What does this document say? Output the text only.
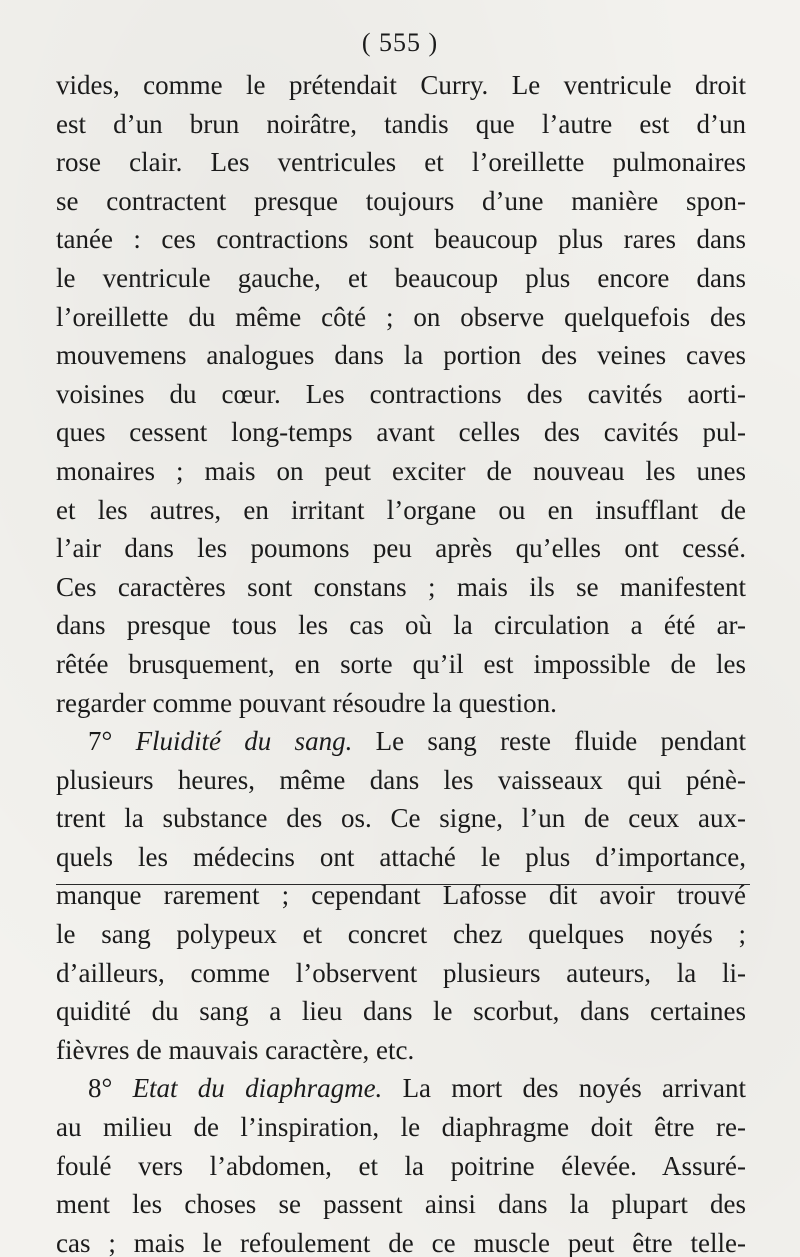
( 555 )
vides, comme le prétendait Curry. Le ventricule droit
est d’un brun noirâtre, tandis que l’autre est d’un
rose clair. Les ventricules et l’oreillette pulmonaires
se contractent presque toujours d’une manière spon-
tanée : ces contractions sont beaucoup plus rares dans
le ventricule gauche, et beaucoup plus encore dans
l’oreillette du même côté ; on observe quelquefois des
mouvemens analogues dans la portion des veines caves
voisines du cœur. Les contractions des cavités aorti-
ques cessent long-temps avant celles des cavités pul-
monaires ; mais on peut exciter de nouveau les unes
et les autres, en irritant l’organe ou en insufflant de
l’air dans les poumons peu après qu’elles ont cessé.
Ces caractères sont constans ; mais ils se manifestent
dans presque tous les cas où la circulation a été ar-
rêtée brusquement, en sorte qu’il est impossible de les
regarder comme pouvant résoudre la question.
7° Fluidité du sang. Le sang reste fluide pendant
plusieurs heures, même dans les vaisseaux qui pénè-
trent la substance des os. Ce signe, l’un de ceux aux-
quels les médecins ont attaché le plus d’importance,
manque rarement ; cependant Lafosse dit avoir trouvé
le sang polypeux et concret chez quelques noyés ;
d’ailleurs, comme l’observent plusieurs auteurs, la li-
quidité du sang a lieu dans le scorbut, dans certaines
fièvres de mauvais caractère, etc.
8° Etat du diaphragme. La mort des noyés arrivant
au milieu de l’inspiration, le diaphragme doit être re-
foulé vers l’abdomen, et la poitrine élevée. Assuré-
ment les choses se passent ainsi dans la plupart des
cas ; mais le refoulement de ce muscle peut être telle-
